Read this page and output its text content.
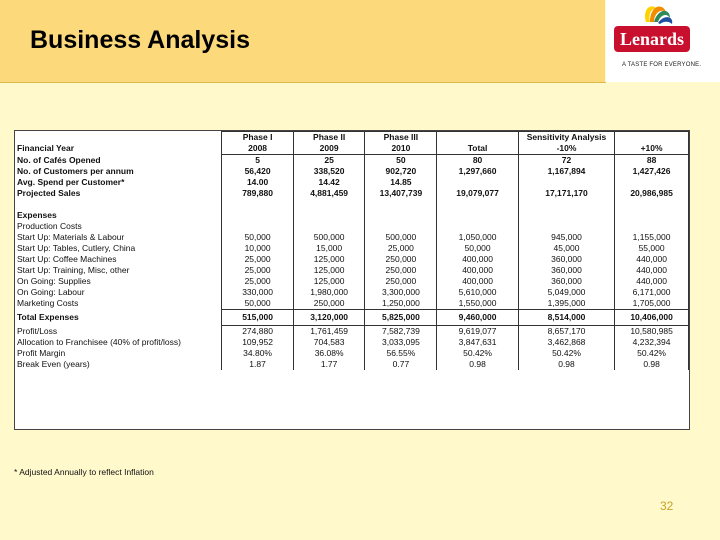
Business Analysis	Lenards
A TASTE FOR EVERYONE.
	Phase I	Phase II	Phase III		Sensitivity Analysis	
Financial Year	2008	2009	2010	Total	-10%	+10%
No. of Cafés Opened	5	25	50	80	72	88
No. of Customers per annum	56,420	338,520	902,720	1,297,660	1,167,894	1,427,426
Avg. Spend per Customer*	14.00	14.42	14.85			
Projected Sales	789,880	4,881,459	13,407,739	19,079,077	17,171,170	20,986,985

Expenses						
Production Costs						
Start Up: Materials & Labour	50,000	500,000	500,000	1,050,000	945,000	1,155,000
Start Up: Tables, Cutlery, China	10,000	15,000	25,000	50,000	45,000	55,000
Start Up: Coffee Machines	25,000	125,000	250,000	400,000	360,000	440,000
Start Up: Training, Misc, other	25,000	125,000	250,000	400,000	360,000	440,000
On Going: Supplies	25,000	125,000	250,000	400,000	360,000	440,000
On Going: Labour	330,000	1,980,000	3,300,000	5,610,000	5,049,000	6,171,000
Marketing Costs	50,000	250,000	1,250,000	1,550,000	1,395,000	1,705,000
Total Expenses	515,000	3,120,000	5,825,000	9,460,000	8,514,000	10,406,000
Profit/Loss	274,880	1,761,459	7,582,739	9,619,077	8,657,170	10,580,985
Allocation to Franchisee (40% of profit/loss)	109,952	704,583	3,033,095	3,847,631	3,462,868	4,232,394
Profit Margin	34.80%	36.08%	56.55%	50.42%	50.42%	50.42%
Break Even (years)	1.87	1.77	0.77	0.98	0.98	0.98
* Adjusted Annually to reflect Inflation
32
